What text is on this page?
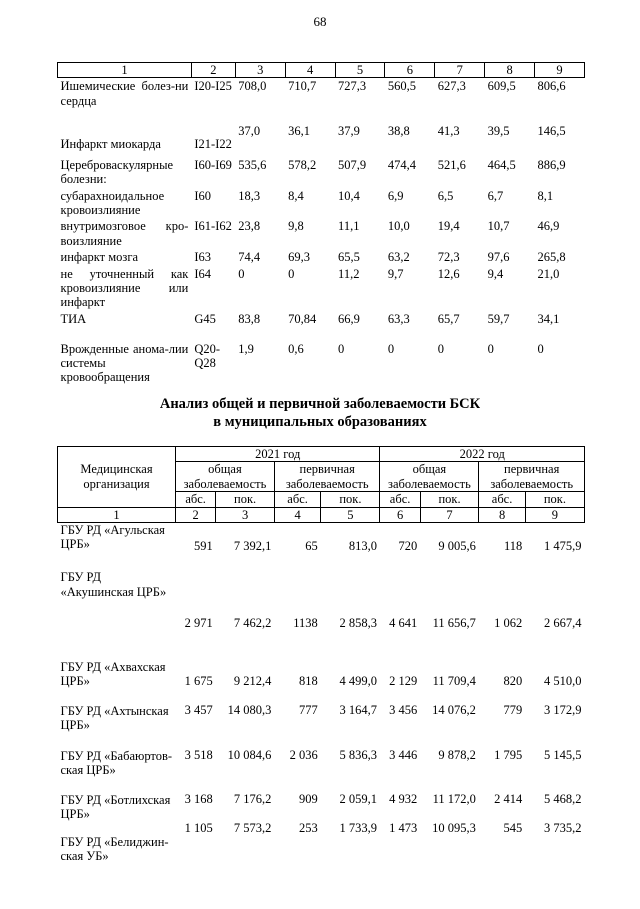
68
1	2	3	4	5	6	7	8	9
Ишемические болез-ни сердца	I20-I25	708,0	710,7	727,3	560,5	627,3	609,5	806,6
Инфаркт миокарда	I21-I22	37,0	36,1	37,9	38,8	41,3	39,5	146,5
Цереброваскулярные болезни:	I60-I69	535,6	578,2	507,9	474,4	521,6	464,5	886,9
субарахноидальное кровоизлияние	I60	18,3	8,4	10,4	6,9	6,5	6,7	8,1
внутримозговое кро-воизлияние	I61-I62	23,8	9,8	11,1	10,0	19,4	10,7	46,9
инфаркт мозга	I63	74,4	69,3	65,5	63,2	72,3	97,6	265,8
не уточненный как кровоизлияние или инфаркт	I64	0	0	11,2	9,7	12,6	9,4	21,0
ТИА	G45	83,8	70,84	66,9	63,3	65,7	59,7	34,1
Врожденные анома-лии системы кровообращения	Q20-Q28	1,9	0,6	0	0	0	0	0
Анализ общей и первичной заболеваемости БСК
в муниципальных образованиях
Медицинская организация	2021 год				2022 год			
	общая заболеваемость		первичная заболеваемость		общая заболеваемость		первичная заболеваемость	
	абс.	пок.	абс.	пок.	абс.	пок.	абс.	пок.
1	2	3	4	5	6	7	8	9
ГБУ РД «Агульская ЦРБ»	591	7 392,1	65	813,0	720	9 005,6	118	1 475,9
ГБУ РД «Акушинская ЦРБ»	2 971	7 462,2	1138	2 858,3	4 641	11 656,7	1 062	2 667,4
ГБУ РД «Ахвахская ЦРБ»	1 675	9 212,4	818	4 499,0	2 129	11 709,4	820	4 510,0
ГБУ РД «Ахтынская ЦРБ»	3 457	14 080,3	777	3 164,7	3 456	14 076,2	779	3 172,9
ГБУ РД «Бабаюртов-ская ЦРБ»	3 518	10 084,6	2 036	5 836,3	3 446	9 878,2	1 795	5 145,5
ГБУ РД «Ботлихская ЦРБ»	3 168	7 176,2	909	2 059,1	4 932	11 172,0	2 414	5 468,2
ГБУ РД «Белиджин-ская УБ»	1 105	7 573,2	253	1 733,9	1 473	10 095,3	545	3 735,2
